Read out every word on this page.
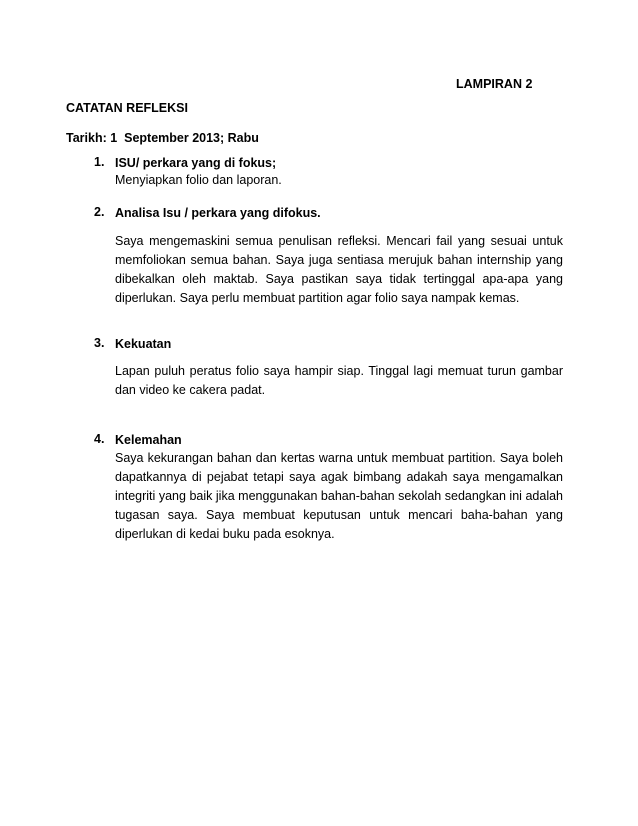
LAMPIRAN 2
CATATAN REFLEKSI
Tarikh: 1  September 2013; Rabu
1. ISU/ perkara yang di fokus;
Menyiapkan folio dan laporan.
2. Analisa Isu / perkara yang difokus.
Saya mengemaskini semua penulisan refleksi. Mencari fail yang sesuai untuk memfoliokan semua bahan. Saya juga sentiasa merujuk bahan internship yang dibekalkan oleh maktab. Saya pastikan saya tidak tertinggal apa-apa yang diperlukan. Saya perlu membuat partition agar folio saya nampak kemas.
3. Kekuatan
Lapan puluh peratus folio saya hampir siap. Tinggal lagi memuat turun gambar dan video ke cakera padat.
4. Kelemahan
Saya kekurangan bahan dan kertas warna untuk membuat partition. Saya boleh dapatkannya di pejabat tetapi saya agak bimbang adakah saya mengamalkan integriti yang baik jika menggunakan bahan-bahan sekolah sedangkan ini adalah tugasan saya. Saya membuat keputusan untuk mencari baha-bahan yang diperlukan di kedai buku pada esoknya.
